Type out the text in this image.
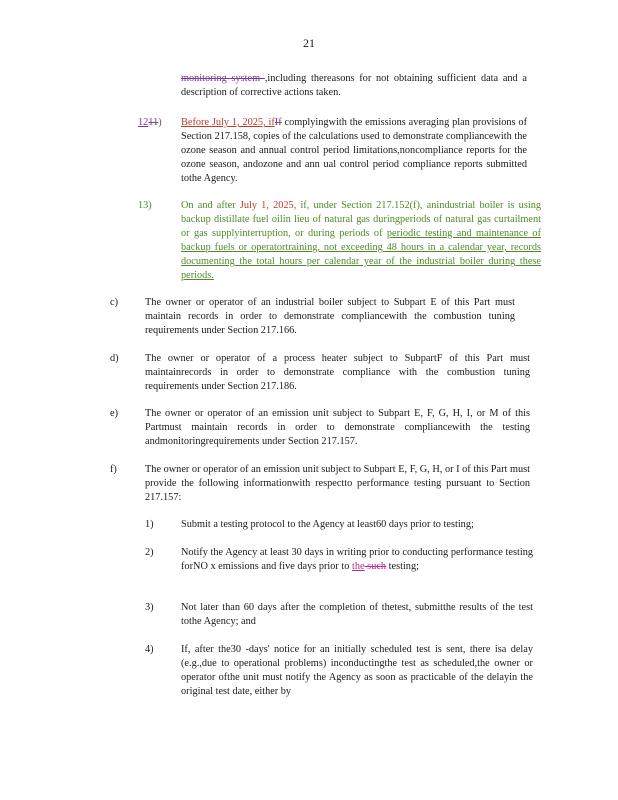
21
monitoring system ,including thereasons for not obtaining sufficient data and a description of corrective actions taken.
1211) Before July 1, 2025, ifIf complyingwith the emissions averaging plan provisions of Section 217.158, copies of the calculations used to demonstrate compliancewith the ozone season and annual control period limitations,noncompliance reports for the ozone season, andozone and ann ual control period compliance reports submitted tothe Agency.
13)	On and after July 1, 2025, if, under Section 217.152(f), anindustrial boiler is using backup distillate fuel oilin lieu of natural gas duringperiods of natural gas curtailment or gas supplyinterruption, or during periods of periodic testing and maintenance of backup fuels or operatortraining, not exceeding 48 hours in a calendar year, records documenting the total hours per calendar year of the industrial boiler during these periods.
c)	The owner or operator of an industrial boiler subject to Subpart E of this Part must maintain records in order to demonstrate compliancewith the combustion tuning requirements under Section 217.166.
d)	The owner or operator of a process heater subject to SubpartF of this Part must maintainrecords in order to demonstrate compliance with the combustion tuning requirements under Section 217.186.
e)	The owner or operator of an emission unit subject to Subpart E, F, G, H, I, or M of this Partmust maintain records in order to demonstrate compliancewith the testing andmonitoringrequirements under Section 217.157.
f)	The owner or operator of an emission unit subject to Subpart E, F, G, H, or I of this Part must provide the following informationwith respectto performance testing pursuant to Section 217.157:
1)	Submit a testing protocol to the Agency at least60 days prior to testing;
2)	Notify the Agency at least 30 days in writing prior to conducting performance testing forNO x emissions and five days prior to the such testing;
3)	Not later than 60 days after the completion of thetest, submitthe results of the test tothe Agency; and
4)	If, after the30 -days' notice for an initially scheduled test is sent, there isa delay (e.g.,due to operational problems) inconductingthe test as scheduled,the owner or operator ofthe unit must notify the Agency as soon as practicable of the delayin the original test date, either by
